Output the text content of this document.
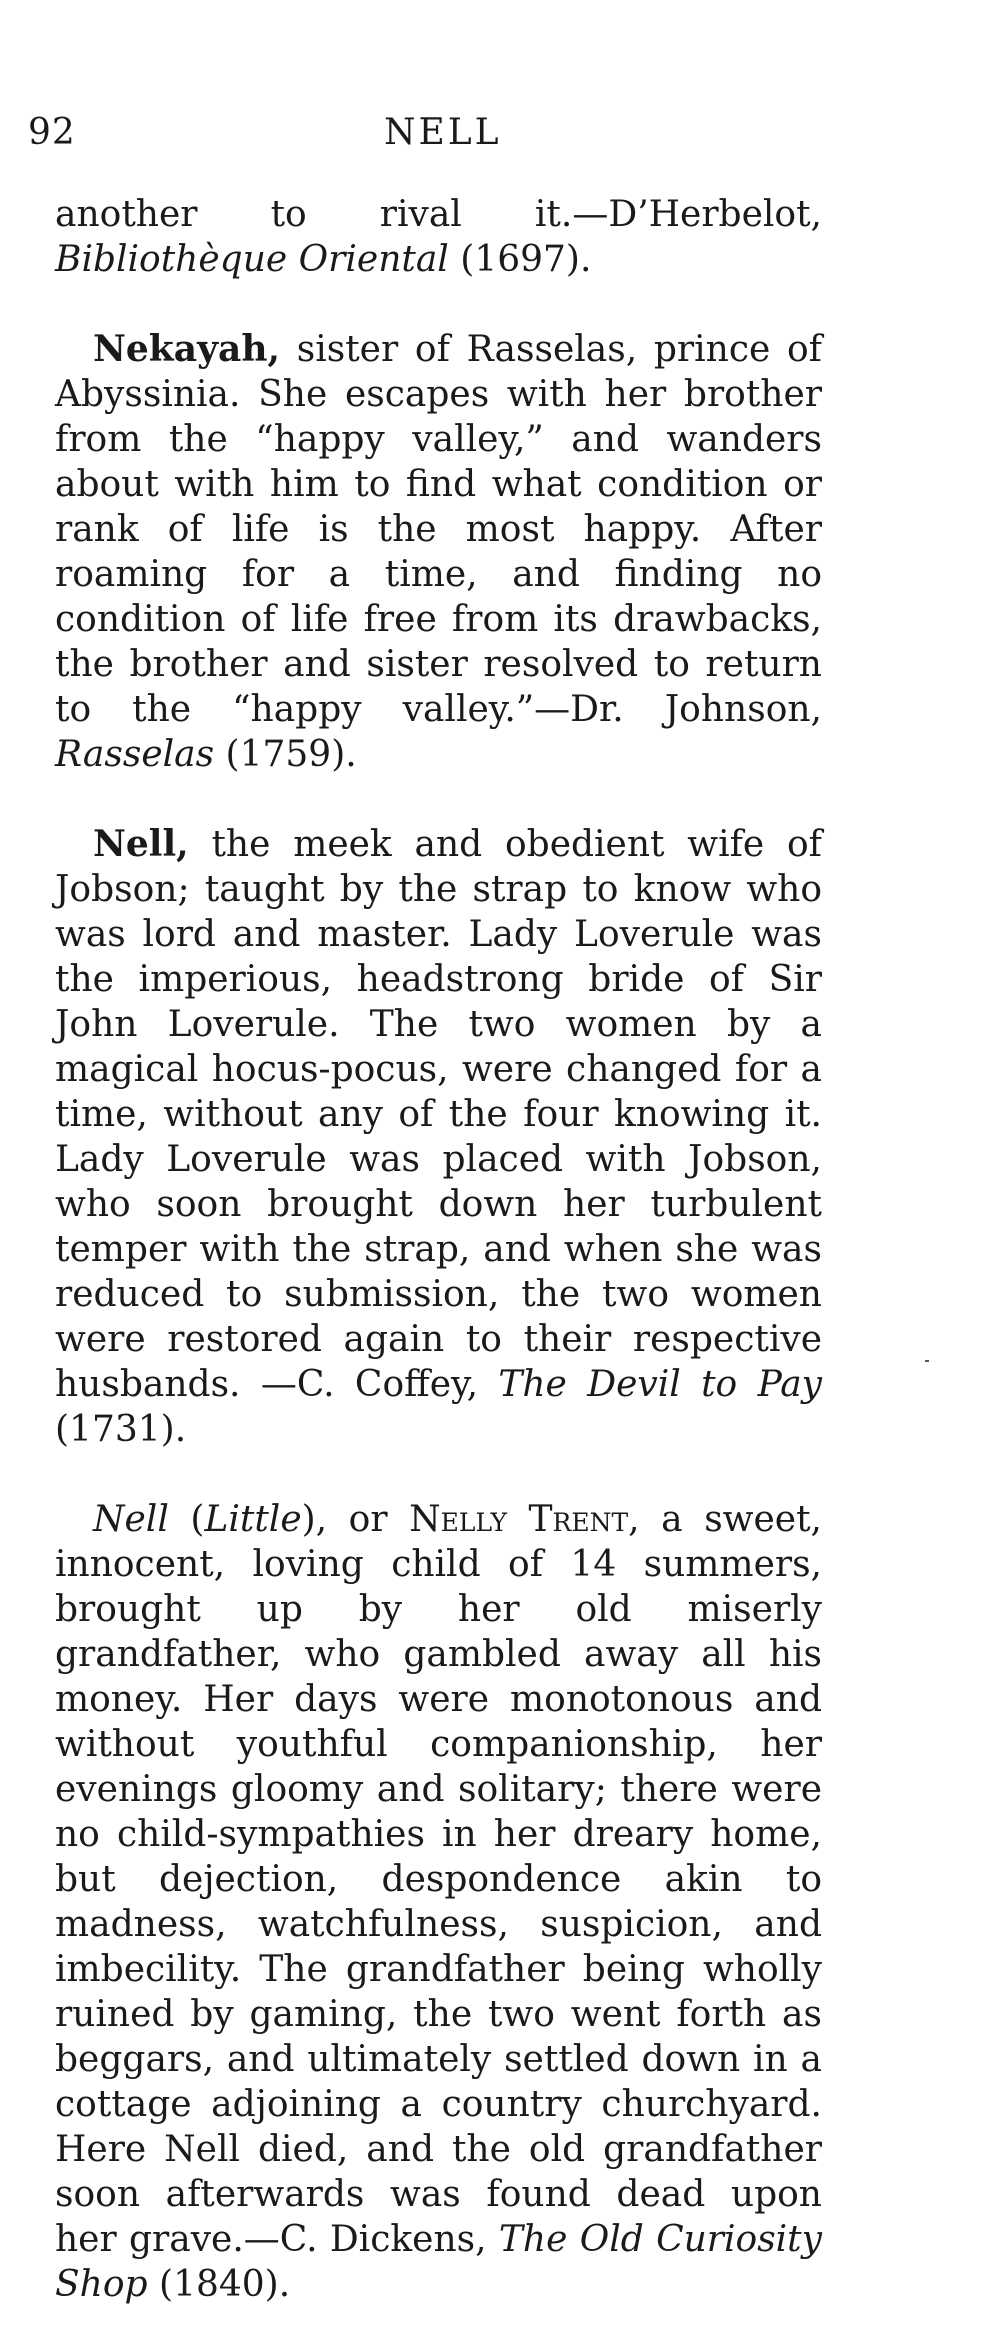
92	NELL

another to rival it.—D’Herbelot, Bibliothèque Oriental (1697).

Nekayah, sister of Rasselas, prince of Abyssinia. She escapes with her brother from the “happy valley,” and wanders about with him to find what condition or rank of life is the most happy. After roaming for a time, and finding no condition of life free from its drawbacks, the brother and sister resolved to return to the “happy valley.”—Dr. Johnson, Rasselas (1759).

Nell, the meek and obedient wife of Jobson; taught by the strap to know who was lord and master. Lady Loverule was the imperious, headstrong bride of Sir John Loverule. The two women by a magical hocus-pocus, were changed for a time, without any of the four knowing it. Lady Loverule was placed with Jobson, who soon brought down her turbulent temper with the strap, and when she was reduced to submission, the two women were restored again to their respective husbands. —C. Coffey, The Devil to Pay (1731).

Nell (Little), or Nelly Trent, a sweet, innocent, loving child of 14 summers, brought up by her old miserly grandfather, who gambled away all his money. Her days were monotonous and without youthful companionship, her evenings gloomy and solitary; there were no child-sympathies in her dreary home, but dejection, despondence akin to madness, watchfulness, suspicion, and imbecility. The grandfather being wholly ruined by gaming, the two went forth as beggars, and ultimately settled down in a cottage adjoining a country churchyard. Here Nell died, and the old grandfather soon afterwards was found dead upon her grave.—C. Dickens, The Old Curiosity Shop (1840).
